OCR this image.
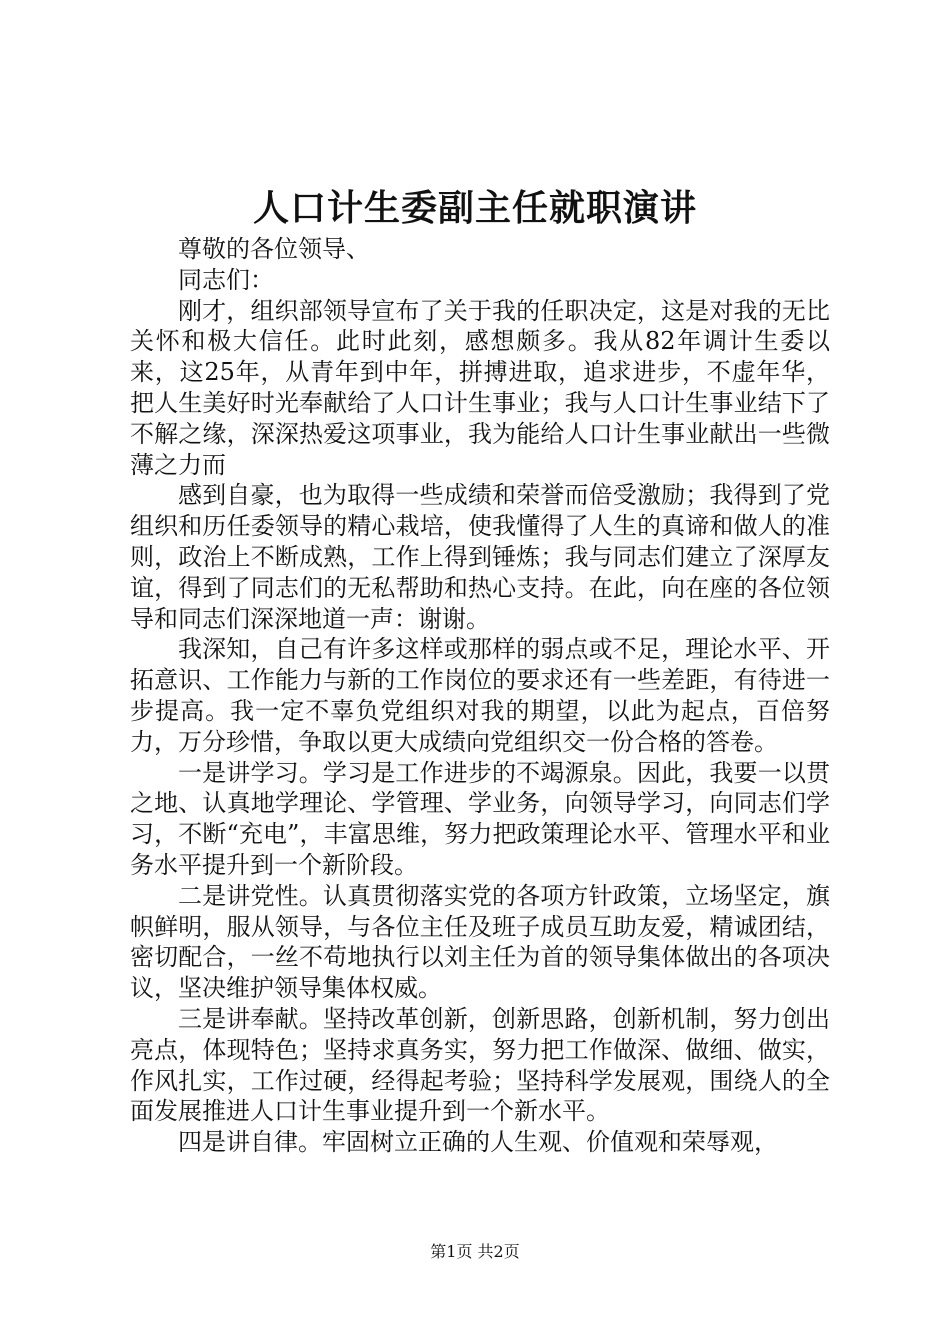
人口计生委副主任就职演讲

尊敬的各位领导、

同志们：

刚才，组织部领导宣布了关于我的任职决定，这是对我的无比关怀和极大信任。此时此刻，感想颇多。我从82年调计生委以来，这25年，从青年到中年，拼搏进取，追求进步，不虚年华，把人生美好时光奉献给了人口计生事业；我与人口计生事业结下了不解之缘，深深热爱这项事业，我为能给人口计生事业献出一些微薄之力而

感到自豪，也为取得一些成绩和荣誉而倍受激励；我得到了党组织和历任委领导的精心栽培，使我懂得了人生的真谛和做人的准则，政治上不断成熟，工作上得到锤炼；我与同志们建立了深厚友谊，得到了同志们的无私帮助和热心支持。在此，向在座的各位领导和同志们深深地道一声：谢谢。

我深知，自己有许多这样或那样的弱点或不足，理论水平、开拓意识、工作能力与新的工作岗位的要求还有一些差距，有待进一步提高。我一定不辜负党组织对我的期望，以此为起点，百倍努力，万分珍惜，争取以更大成绩向党组织交一份合格的答卷。

一是讲学习。学习是工作进步的不竭源泉。因此，我要一以贯之地、认真地学理论、学管理、学业务，向领导学习，向同志们学习，不断“充电”，丰富思维，努力把政策理论水平、管理水平和业务水平提升到一个新阶段。

二是讲党性。认真贯彻落实党的各项方针政策，立场坚定，旗帜鲜明，服从领导，与各位主任及班子成员互助友爱，精诚团结，密切配合，一丝不苟地执行以刘主任为首的领导集体做出的各项决议，坚决维护领导集体权威。

三是讲奉献。坚持改革创新，创新思路，创新机制，努力创出亮点，体现特色；坚持求真务实，努力把工作做深、做细、做实，作风扎实，工作过硬，经得起考验；坚持科学发展观，围绕人的全面发展推进人口计生事业提升到一个新水平。

四是讲自律。牢固树立正确的人生观、价值观和荣辱观，

第1页 共2页
